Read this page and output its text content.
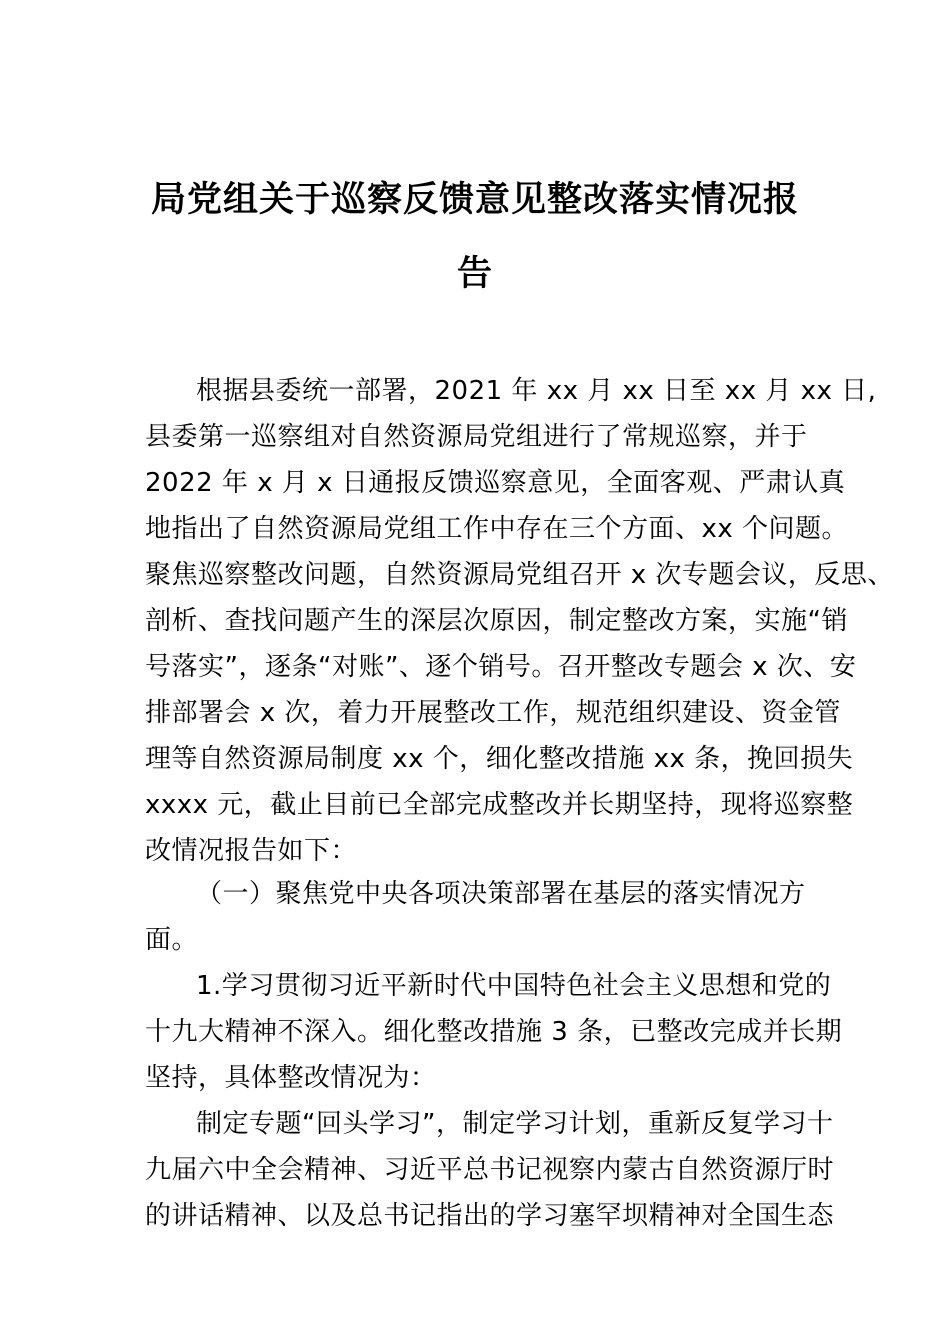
局党组关于巡察反馈意见整改落实情况报
告
根据县委统一部署，2021 年 xx 月 xx 日至 xx 月 xx 日,
县委第一巡察组对自然资源局党组进行了常规巡察，并于
2022 年 x 月 x 日通报反馈巡察意见，全面客观、严肃认真
地指出了自然资源局党组工作中存在三个方面、xx 个问题。
聚焦巡察整改问题，自然资源局党组召开 x 次专题会议，反思、
剖析、查找问题产生的深层次原因，制定整改方案，实施“销
号落实”，逐条“对账”、逐个销号。召开整改专题会 x 次、安
排部署会 x 次，着力开展整改工作，规范组织建设、资金管
理等自然资源局制度 xx 个，细化整改措施 xx 条，挽回损失
xxxx 元，截止目前已全部完成整改并长期坚持，现将巡察整
改情况报告如下：
（一）聚焦党中央各项决策部署在基层的落实情况方
面。
1.学习贯彻习近平新时代中国特色社会主义思想和党的
十九大精神不深入。细化整改措施 3 条，已整改完成并长期
坚持，具体整改情况为：
制定专题“回头学习”，制定学习计划，重新反复学习十
九届六中全会精神、习近平总书记视察内蒙古自然资源厅时
的讲话精神、以及总书记指出的学习塞罕坝精神对全国生态
